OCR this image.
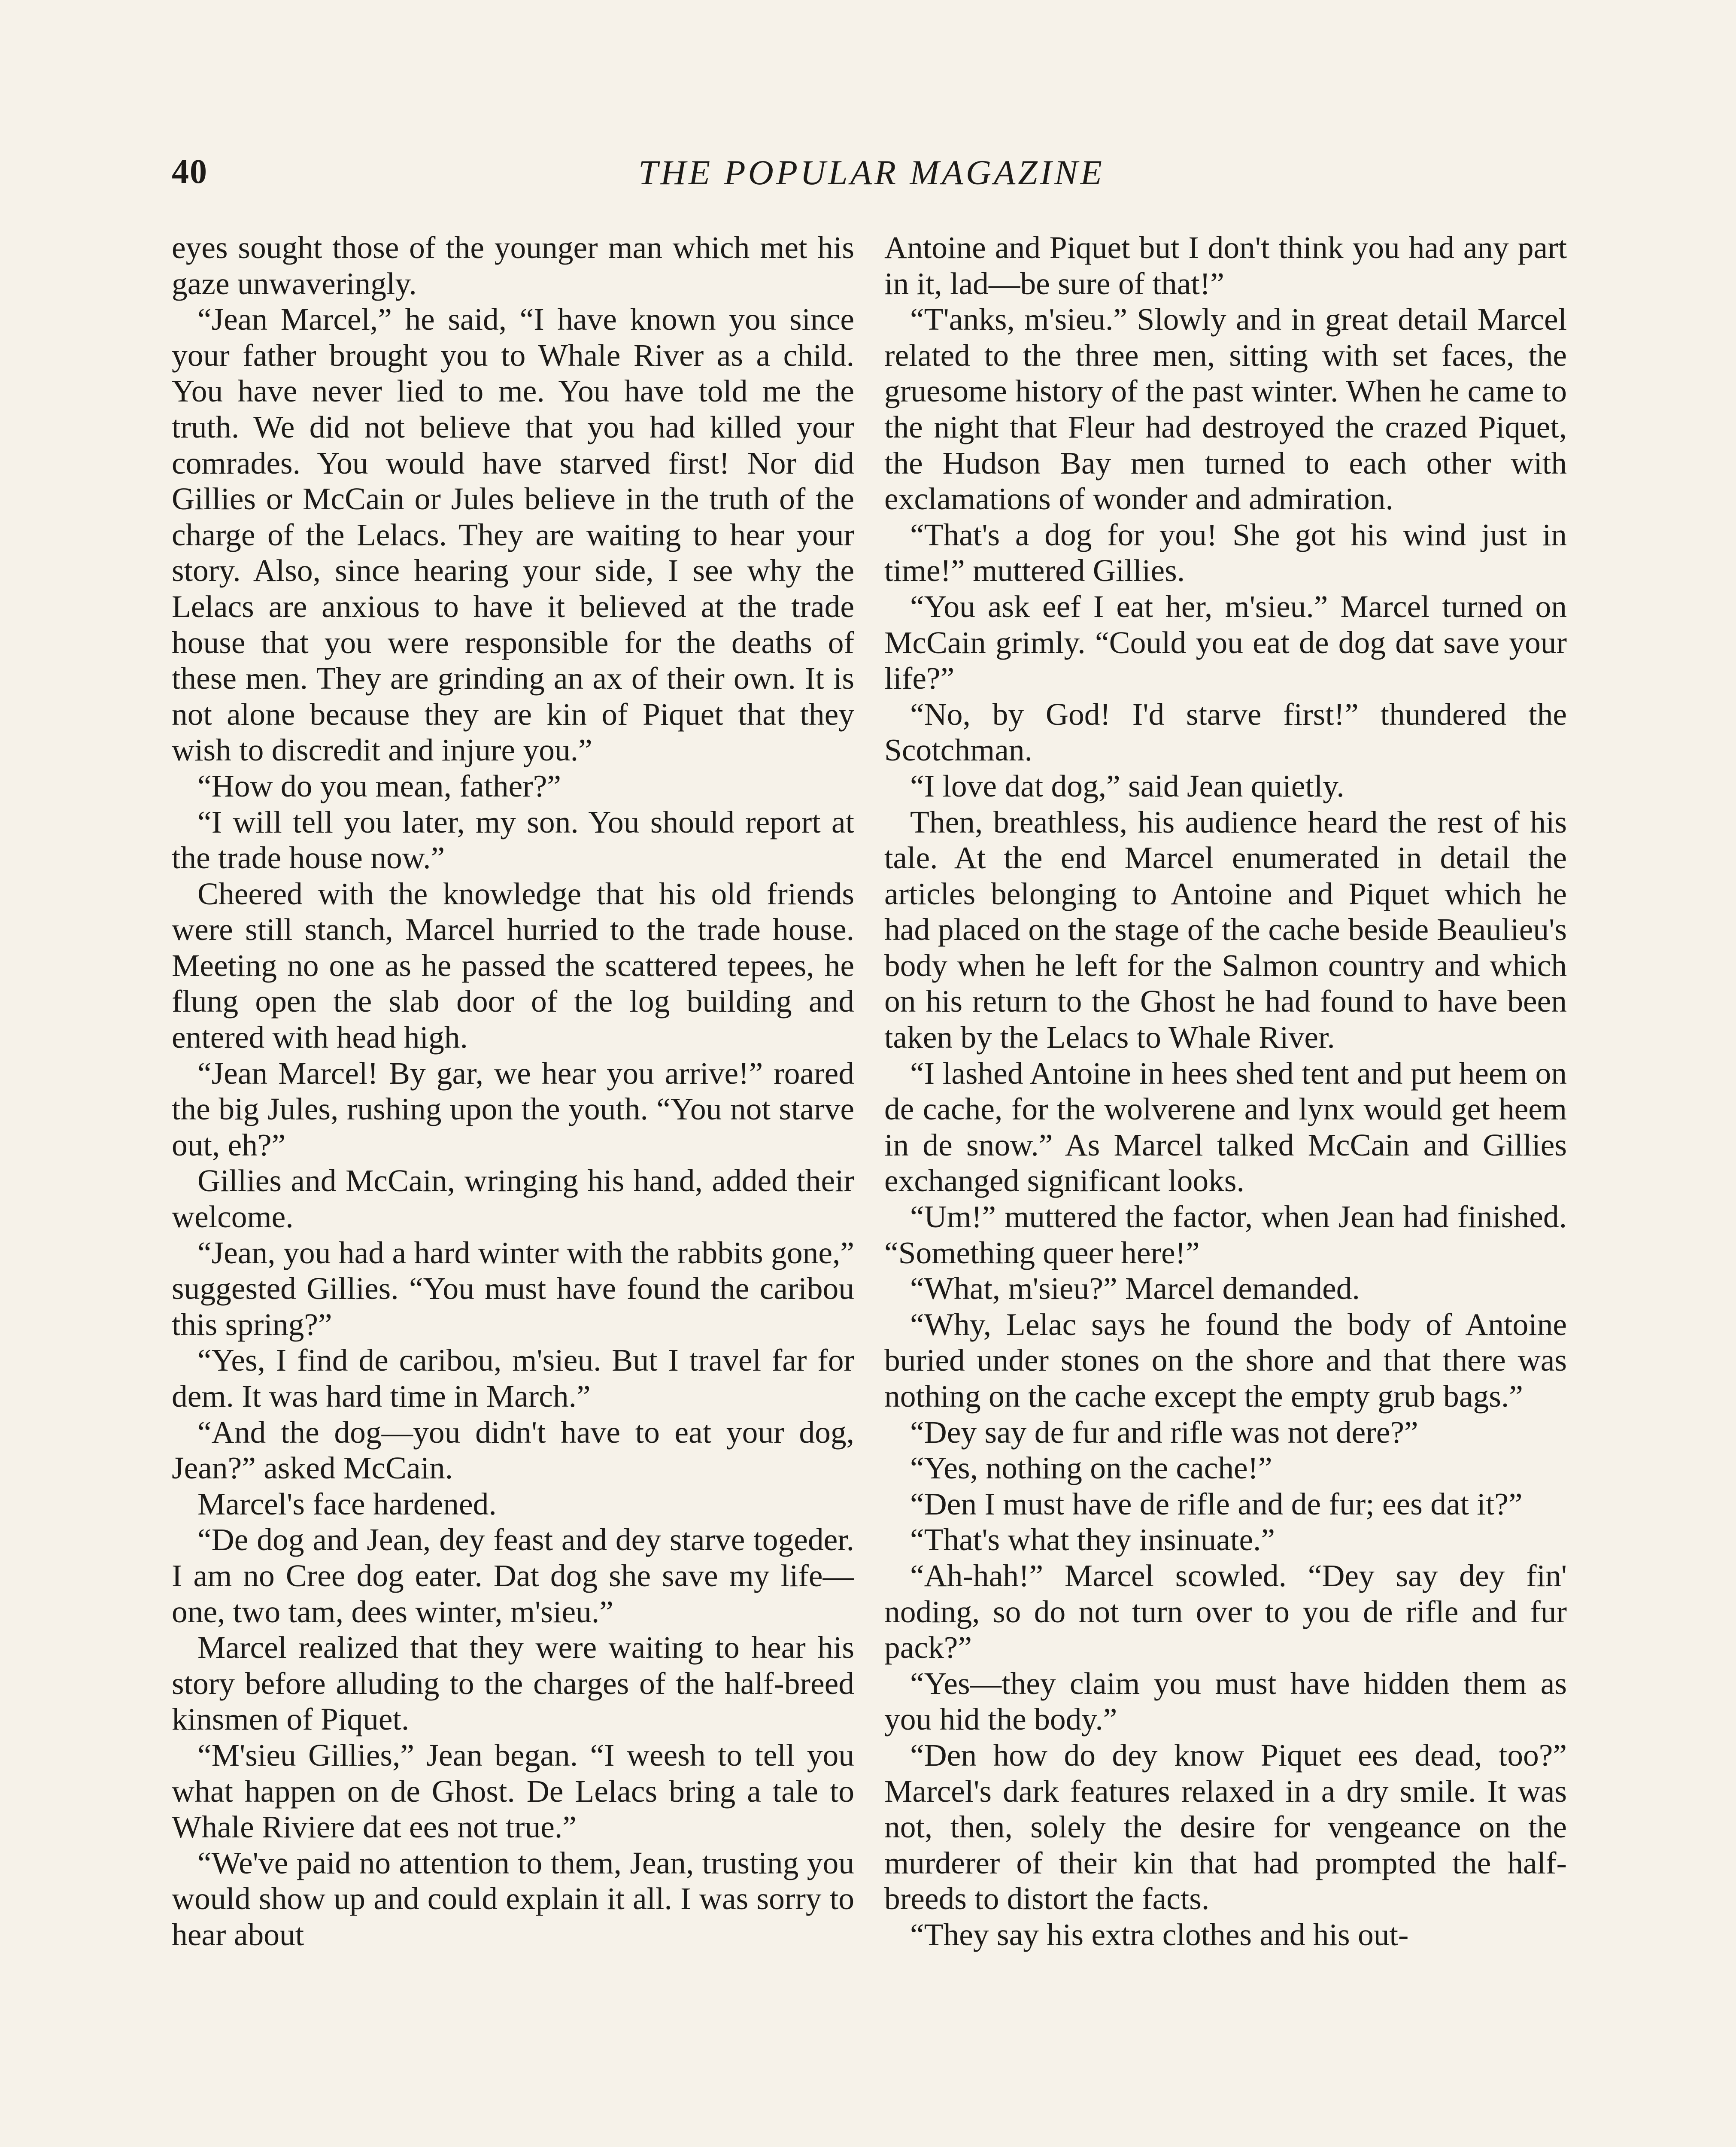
40	THE POPULAR MAGAZINE

eyes sought those of the younger man which met his gaze unwaveringly.

“Jean Marcel,” he said, “I have known you since your father brought you to Whale River as a child. You have never lied to me. You have told me the truth. We did not believe that you had killed your comrades. You would have starved first! Nor did Gillies or McCain or Jules believe in the truth of the charge of the Lelacs. They are waiting to hear your story. Also, since hearing your side, I see why the Lelacs are anxious to have it believed at the trade house that you were responsible for the deaths of these men. They are grinding an ax of their own. It is not alone because they are kin of Piquet that they wish to discredit and injure you.”

“How do you mean, father?”

“I will tell you later, my son. You should report at the trade house now.”

Cheered with the knowledge that his old friends were still stanch, Marcel hurried to the trade house. Meeting no one as he passed the scattered tepees, he flung open the slab door of the log building and entered with head high.

“Jean Marcel! By gar, we hear you arrive!” roared the big Jules, rushing upon the youth. “You not starve out, eh?”

Gillies and McCain, wringing his hand, added their welcome.

“Jean, you had a hard winter with the rabbits gone,” suggested Gillies. “You must have found the caribou this spring?”

“Yes, I find de caribou, m'sieu. But I travel far for dem. It was hard time in March.”

“And the dog—you didn't have to eat your dog, Jean?” asked McCain.

Marcel's face hardened.

“De dog and Jean, dey feast and dey starve togeder. I am no Cree dog eater. Dat dog she save my life—one, two tam, dees winter, m'sieu.”

Marcel realized that they were waiting to hear his story before alluding to the charges of the half-breed kinsmen of Piquet.

“M'sieu Gillies,” Jean began. “I weesh to tell you what happen on de Ghost. De Lelacs bring a tale to Whale Riviere dat ees not true.”

“We've paid no attention to them, Jean, trusting you would show up and could explain it all. I was sorry to hear about

Antoine and Piquet but I don't think you had any part in it, lad—be sure of that!”

“T'anks, m'sieu.” Slowly and in great detail Marcel related to the three men, sitting with set faces, the gruesome history of the past winter. When he came to the night that Fleur had destroyed the crazed Piquet, the Hudson Bay men turned to each other with exclamations of wonder and admiration.

“That's a dog for you! She got his wind just in time!” muttered Gillies.

“You ask eef I eat her, m'sieu.” Marcel turned on McCain grimly. “Could you eat de dog dat save your life?”

“No, by God! I'd starve first!” thundered the Scotchman.

“I love dat dog,” said Jean quietly.

Then, breathless, his audience heard the rest of his tale. At the end Marcel enumerated in detail the articles belonging to Antoine and Piquet which he had placed on the stage of the cache beside Beaulieu's body when he left for the Salmon country and which on his return to the Ghost he had found to have been taken by the Lelacs to Whale River.

“I lashed Antoine in hees shed tent and put heem on de cache, for the wolverene and lynx would get heem in de snow.” As Marcel talked McCain and Gillies exchanged significant looks.

“Um!” muttered the factor, when Jean had finished. “Something queer here!”

“What, m'sieu?” Marcel demanded.

“Why, Lelac says he found the body of Antoine buried under stones on the shore and that there was nothing on the cache except the empty grub bags.”

“Dey say de fur and rifle was not dere?”

“Yes, nothing on the cache!”

“Den I must have de rifle and de fur; ees dat it?”

“That's what they insinuate.”

“Ah-hah!” Marcel scowled. “Dey say dey fin' noding, so do not turn over to you de rifle and fur pack?”

“Yes—they claim you must have hidden them as you hid the body.”

“Den how do dey know Piquet ees dead, too?” Marcel's dark features relaxed in a dry smile. It was not, then, solely the desire for vengeance on the murderer of their kin that had prompted the half-breeds to distort the facts.

“They say his extra clothes and his out-
